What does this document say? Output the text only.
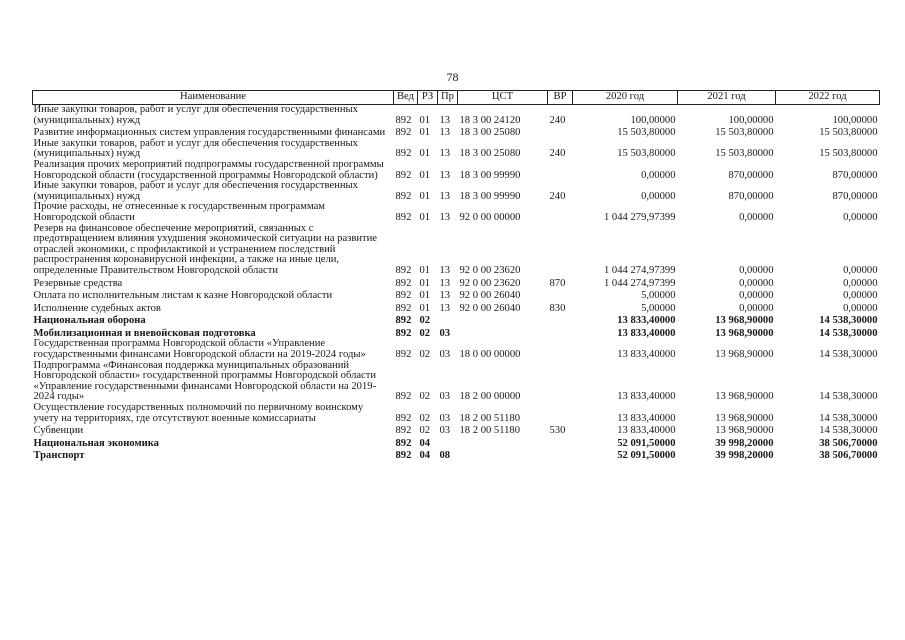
78
Наименование	Вед	РЗ	Пр	ЦСТ	ВР	2020 год	2021 год	2022 год
Иные закупки товаров, работ и услуг для обеспечения государственных (муниципальных) нужд	892	01	13	18 3 00 24120	240	100,00000	100,00000	100,00000
Развитие информационных систем управления государственными финансами	892	01	13	18 3 00 25080		15 503,80000	15 503,80000	15 503,80000
Иные закупки товаров, работ и услуг для обеспечения государственных (муниципальных) нужд	892	01	13	18 3 00 25080	240	15 503,80000	15 503,80000	15 503,80000
Реализация прочих мероприятий подпрограммы государственной программы Новгородской области (государственной программы Новгородской области)	892	01	13	18 3 00 99990		0,00000	870,00000	870,00000
Иные закупки товаров, работ и услуг для обеспечения государственных (муниципальных) нужд	892	01	13	18 3 00 99990	240	0,00000	870,00000	870,00000
Прочие расходы, не отнесенные к государственным программам Новгородской области	892	01	13	92 0 00 00000		1 044 279,97399	0,00000	0,00000
Резерв на финансовое обеспечение мероприятий, связанных с предотвращением влияния ухудшения экономической ситуации на развитие отраслей экономики, с профилактикой и устранением последствий распространения коронавирусной инфекции, а также на иные цели, определенные Правительством Новгородской области	892	01	13	92 0 00 23620		1 044 274,97399	0,00000	0,00000
Резервные средства	892	01	13	92 0 00 23620	870	1 044 274,97399	0,00000	0,00000
Оплата по исполнительным листам к казне Новгородской области	892	01	13	92 0 00 26040		5,00000	0,00000	0,00000
Исполнение судебных актов	892	01	13	92 0 00 26040	830	5,00000	0,00000	0,00000
Национальная оборона	892	02				13 833,40000	13 968,90000	14 538,30000
Мобилизационная и вневойсковая подготовка	892	02	03			13 833,40000	13 968,90000	14 538,30000
Государственная программа Новгородской области «Управление государственными финансами Новгородской области на 2019-2024 годы»	892	02	03	18 0 00 00000		13 833,40000	13 968,90000	14 538,30000
Подпрограмма «Финансовая поддержка муниципальных образований Новгородской области» государственной программы Новгородской области «Управление государственными финансами Новгородской области на 2019-2024 годы»	892	02	03	18 2 00 00000		13 833,40000	13 968,90000	14 538,30000
Осуществление государственных полномочий по первичному воинскому учету на территориях, где отсутствуют военные комиссариаты	892	02	03	18 2 00 51180		13 833,40000	13 968,90000	14 538,30000
Субвенции	892	02	03	18 2 00 51180	530	13 833,40000	13 968,90000	14 538,30000
Национальная экономика	892	04				52 091,50000	39 998,20000	38 506,70000
Транспорт	892	04	08			52 091,50000	39 998,20000	38 506,70000
